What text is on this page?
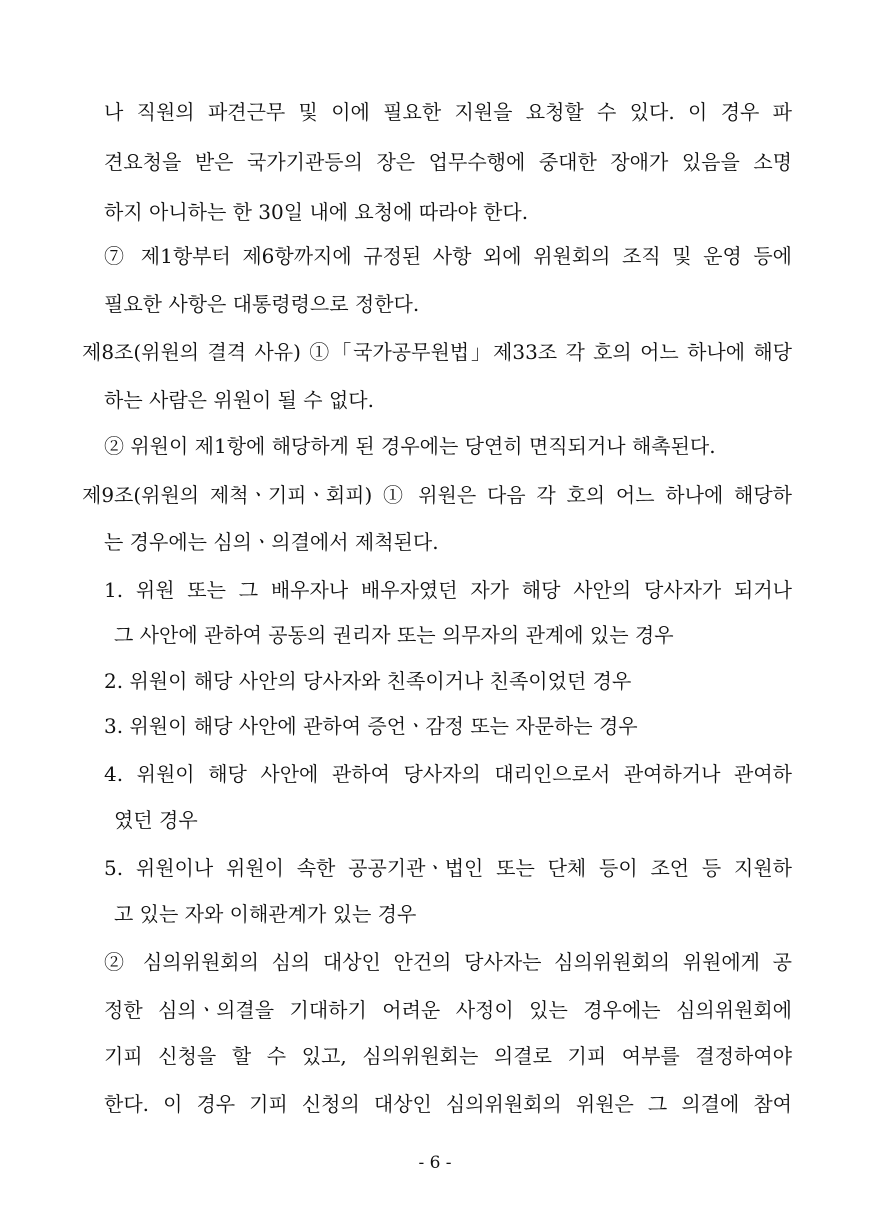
나 직원의 파견근무 및 이에 필요한 지원을 요청할 수 있다. 이 경우 파
견요청을 받은 국가기관등의 장은 업무수행에 중대한 장애가 있음을 소명
하지 아니하는 한 30일 내에 요청에 따라야 한다.
⑦ 제1항부터 제6항까지에 규정된 사항 외에 위원회의 조직 및 운영 등에
필요한 사항은 대통령령으로 정한다.
제8조(위원의 결격 사유) ①「국가공무원법」제33조 각 호의 어느 하나에 해당
하는 사람은 위원이 될 수 없다.
② 위원이 제1항에 해당하게 된 경우에는 당연히 면직되거나 해촉된다.
제9조(위원의 제척ㆍ기피ㆍ회피) ① 위원은 다음 각 호의 어느 하나에 해당하
는 경우에는 심의ㆍ의결에서 제척된다.
1. 위원 또는 그 배우자나 배우자였던 자가 해당 사안의 당사자가 되거나
그 사안에 관하여 공동의 권리자 또는 의무자의 관계에 있는 경우
2. 위원이 해당 사안의 당사자와 친족이거나 친족이었던 경우
3. 위원이 해당 사안에 관하여 증언ㆍ감정 또는 자문하는 경우
4. 위원이 해당 사안에 관하여 당사자의 대리인으로서 관여하거나 관여하
였던 경우
5. 위원이나 위원이 속한 공공기관ㆍ법인 또는 단체 등이 조언 등 지원하
고 있는 자와 이해관계가 있는 경우
② 심의위원회의 심의 대상인 안건의 당사자는 심의위원회의 위원에게 공
정한 심의ㆍ의결을 기대하기 어려운 사정이 있는 경우에는 심의위원회에
기피 신청을 할 수 있고, 심의위원회는 의결로 기피 여부를 결정하여야
한다. 이 경우 기피 신청의 대상인 심의위원회의 위원은 그 의결에 참여
- 6 -
